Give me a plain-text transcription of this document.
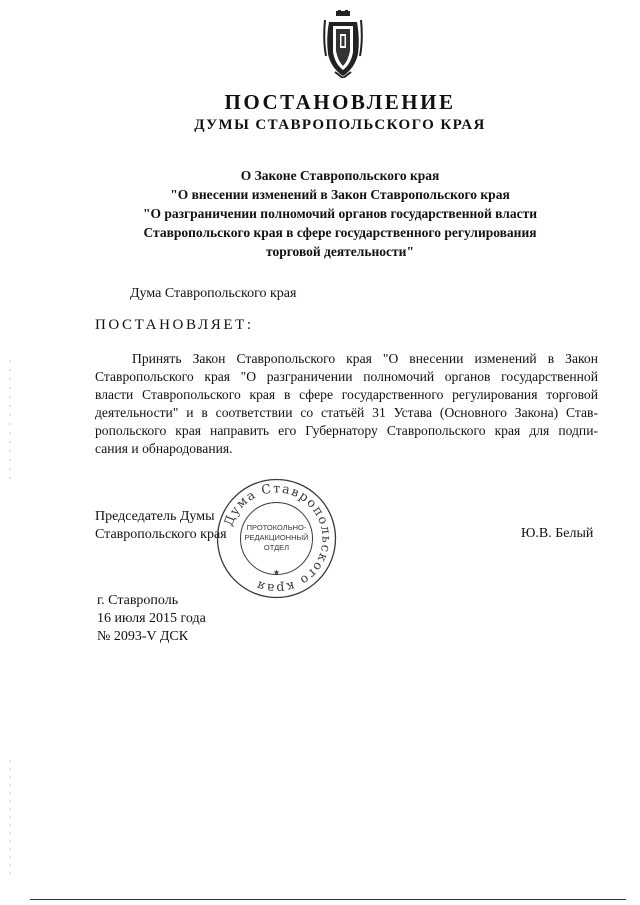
ПОСТАНОВЛЕНИЕ
ДУМЫ СТАВРОПОЛЬСКОГО КРАЯ
О Законе Ставропольского края
"О внесении изменений в Закон Ставропольского края
"О разграничении полномочий органов государственной власти
Ставропольского края в сфере государственного регулирования
торговой деятельности"
Дума Ставропольского края
ПОСТАНОВЛЯЕТ:
Принять Закон Ставропольского края "О внесении изменений в Закон
Ставропольского края "О разграничении полномочий органов государственной
власти Ставропольского края в сфере государственного регулирования торговой
деятельности" и в соответствии со статьёй 31 Устава (Основного Закона) Став-
ропольского края направить его Губернатору Ставропольского края для подпи-
сания и обнародования.
Председатель Думы
Ставропольского края	Ю.В. Белый
Дума Ставропольского края
★
ПРОТОКОЛЬНО-
РЕДАКЦИОННЫЙ
ОТДЕЛ
г. Ставрополь
16 июля 2015 года
№ 2093-V ДСК
